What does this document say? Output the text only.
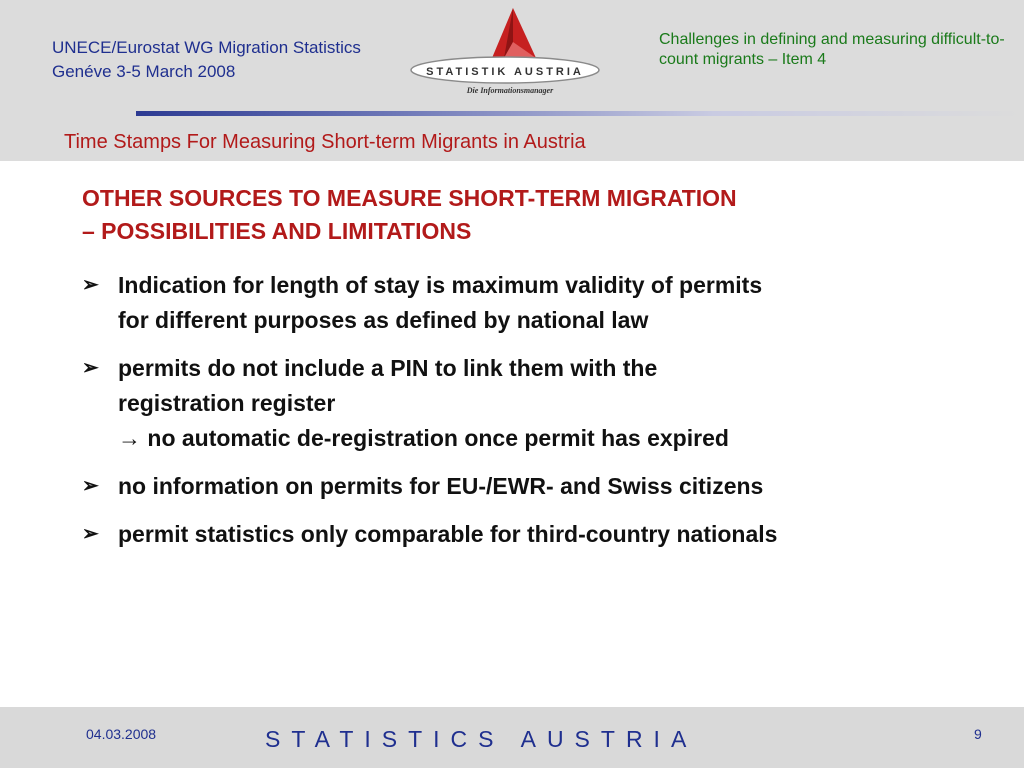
UNECE/Eurostat WG Migration Statistics
Genéve 3-5 March 2008	STATISTIK AUSTRIA
Die Informationsmanager
Challenges in defining and measuring difficult-to-count migrants – Item 4
Time Stamps For Measuring Short-term Migrants in Austria
OTHER SOURCES TO MEASURE SHORT-TERM MIGRATION
– POSSIBILITIES AND LIMITATIONS
➢ Indication for length of stay is maximum validity of permits
for different purposes as defined by national law
➢ permits do not include a PIN to link them with the
registration register
→ no automatic de-registration once permit has expired
➢ no information on permits for EU-/EWR- and Swiss citizens
➢ permit statistics only comparable for third-country nationals
04.03.2008	STATISTICS AUSTRIA	9
